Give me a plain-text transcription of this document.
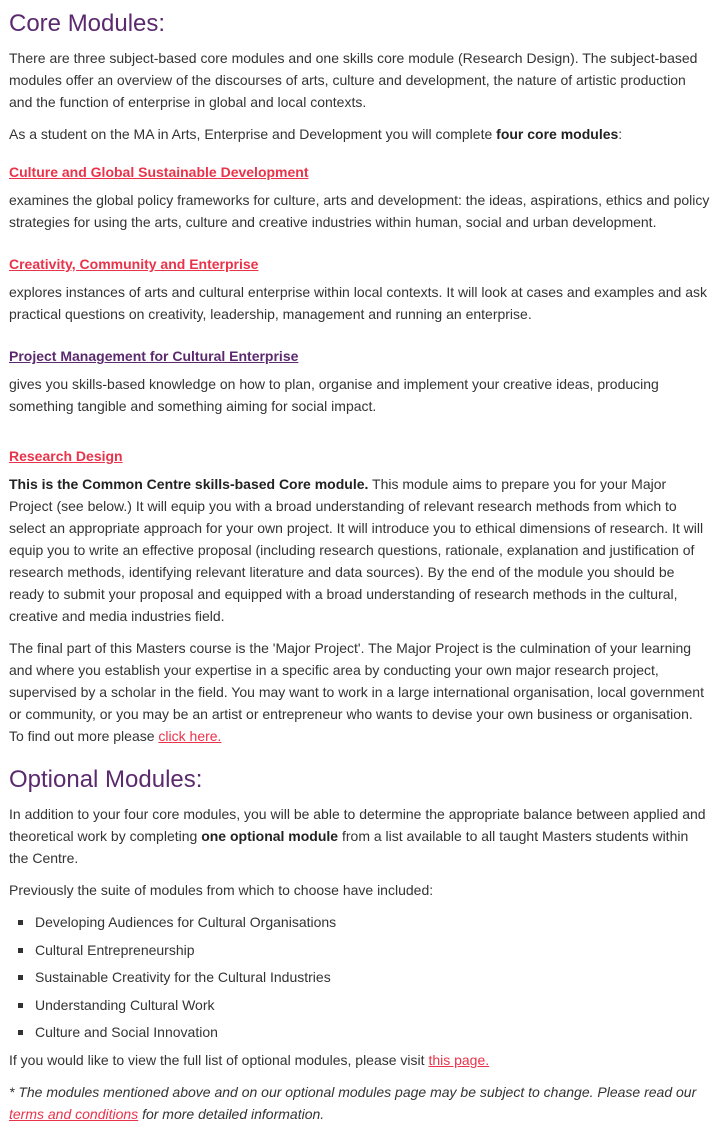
Core Modules:

There are three subject-based core modules and one skills core module (Research Design). The subject-based modules offer an overview of the discourses of arts, culture and development, the nature of artistic production and the function of enterprise in global and local contexts.

As a student on the MA in Arts, Enterprise and Development you will complete four core modules:

Culture and Global Sustainable Development

examines the global policy frameworks for culture, arts and development: the ideas, aspirations, ethics and policy strategies for using the arts, culture and creative industries within human, social and urban development.

Creativity, Community and Enterprise

explores instances of arts and cultural enterprise within local contexts. It will look at cases and examples and ask practical questions on creativity, leadership, management and running an enterprise.

Project Management for Cultural Enterprise

gives you skills-based knowledge on how to plan, organise and implement your creative ideas, producing something tangible and something aiming for social impact.

Research Design

This is the Common Centre skills-based Core module. This module aims to prepare you for your Major Project (see below.) It will equip you with a broad understanding of relevant research methods from which to select an appropriate approach for your own project. It will introduce you to ethical dimensions of research. It will equip you to write an effective proposal (including research questions, rationale, explanation and justification of research methods, identifying relevant literature and data sources). By the end of the module you should be ready to submit your proposal and equipped with a broad understanding of research methods in the cultural, creative and media industries field.

The final part of this Masters course is the 'Major Project'. The Major Project is the culmination of your learning and where you establish your expertise in a specific area by conducting your own major research project, supervised by a scholar in the field. You may want to work in a large international organisation, local government or community, or you may be an artist or entrepreneur who wants to devise your own business or organisation. To find out more please click here.

Optional Modules:

In addition to your four core modules, you will be able to determine the appropriate balance between applied and theoretical work by completing one optional module from a list available to all taught Masters students within the Centre.

Previously the suite of modules from which to choose have included:

Developing Audiences for Cultural Organisations
Cultural Entrepreneurship
Sustainable Creativity for the Cultural Industries
Understanding Cultural Work
Culture and Social Innovation

If you would like to view the full list of optional modules, please visit this page.

* The modules mentioned above and on our optional modules page may be subject to change. Please read our terms and conditions for more detailed information.
